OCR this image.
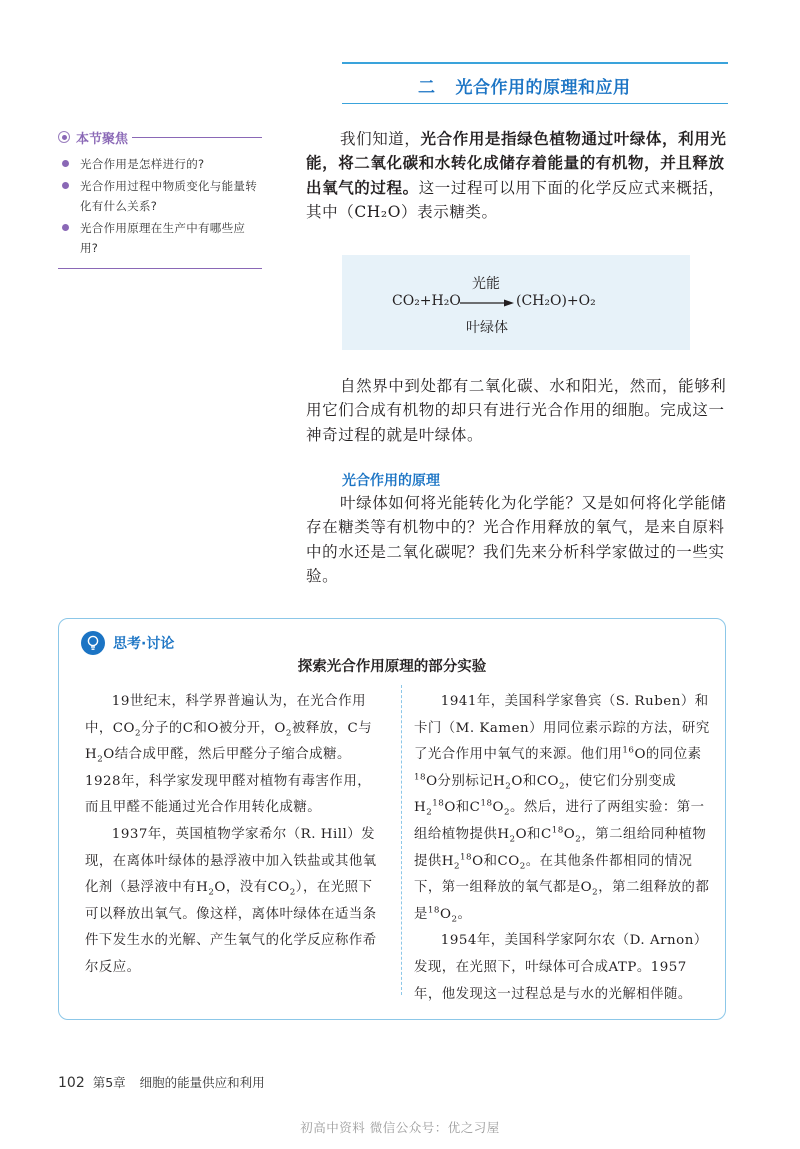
二 光合作用的原理和应用
本节聚焦
光合作用是怎样进行的?
光合作用过程中物质变化与能量转化有什么关系?
光合作用原理在生产中有哪些应用?

我们知道，光合作用是指绿色植物通过叶绿体，利用光能，将二氧化碳和水转化成储存着能量的有机物，并且释放出氧气的过程。这一过程可以用下面的化学反应式来概括，其中（CH₂O）表示糖类。

光能
CO₂+H₂O → (CH₂O)+O₂
叶绿体

自然界中到处都有二氧化碳、水和阳光，然而，能够利用它们合成有机物的却只有进行光合作用的细胞。完成这一神奇过程的就是叶绿体。

光合作用的原理

叶绿体如何将光能转化为化学能？又是如何将化学能储存在糖类等有机物中的？光合作用释放的氧气，是来自原料中的水还是二氧化碳呢？我们先来分析科学家做过的一些实验。

思考·讨论
探索光合作用原理的部分实验

19世纪末，科学界普遍认为，在光合作用中，$CO_2$分子的C和O被分开，$O_2$被释放，C与$H_2O$结合成甲醛，然后甲醛分子缩合成糖。1928年，科学家发现甲醛对植物有毒害作用，而且甲醛不能通过光合作用转化成糖。

1937年，英国植物学家希尔（R. Hill）发现，在离体叶绿体的悬浮液中加入铁盐或其他氧化剂（悬浮液中有$H_2O$，没有$CO_2$），在光照下可以释放出氧气。像这样，离体叶绿体在适当条件下发生水的光解、产生氧气的化学反应称作希尔反应。

1941年，美国科学家鲁宾（S. Ruben）和卡门（M. Kamen）用同位素示踪的方法，研究了光合作用中氧气的来源。他们用$^{16}$O的同位素$^{18}$O分别标记$H_2O$和$CO_2$，使它们分别变成$H_2^{18}O$和$C^{18}O_2$。然后，进行了两组实验：第一组给植物提供$H_2O$和$C^{18}O_2$，第二组给同种植物提供$H_2^{18}O$和$CO_2$。在其他条件都相同的情况下，第一组释放的氧气都是$O_2$，第二组释放的都是$^{18}O_2$。

1954年，美国科学家阿尔农（D. Arnon）发现，在光照下，叶绿体可合成ATP。1957年，他发现这一过程总是与水的光解相伴随。

102 第5章 细胞的能量供应和利用
初高中资料 微信公众号：优之习屋
